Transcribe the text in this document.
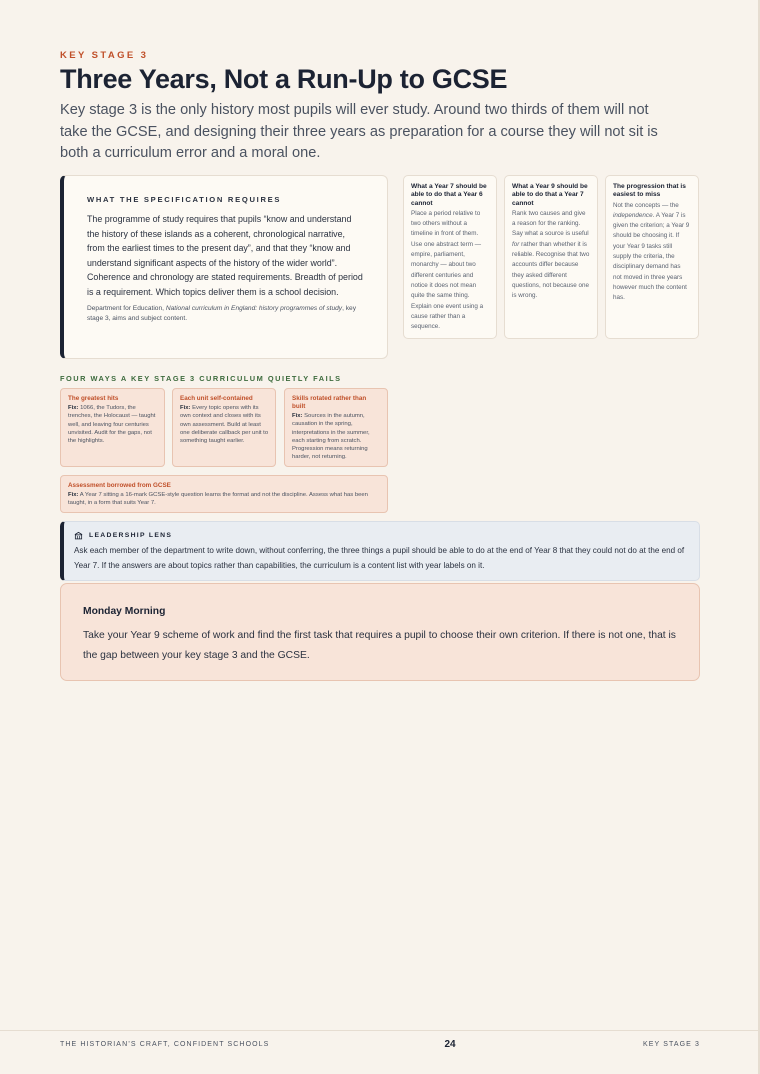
KEY STAGE 3
Three Years, Not a Run-Up to GCSE

Key stage 3 is the only history most pupils will ever study. Around two thirds of them will not take the GCSE, and designing their three years as preparation for a course they will not sit is both a curriculum error and a moral one.

WHAT THE SPECIFICATION REQUIRES

The programme of study requires that pupils “know and understand the history of these islands as a coherent, chronological narrative, from the earliest times to the present day”, and that they “know and understand significant aspects of the history of the wider world”. Coherence and chronology are stated requirements. Breadth of period is a requirement. Which topics deliver them is a school decision.

Department for Education, National curriculum in England: history programmes of study, key stage 3, aims and subject content.

What a Year 7 should be able to do that a Year 6 cannot

Place a period relative to two others without a timeline in front of them. Use one abstract term — empire, parliament, monarchy — about two different centuries and notice it does not mean quite the same thing. Explain one event using a cause rather than a sequence.

What a Year 9 should be able to do that a Year 7 cannot

Rank two causes and give a reason for the ranking. Say what a source is useful for rather than whether it is reliable. Recognise that two accounts differ because they asked different questions, not because one is wrong.

The progression that is easiest to miss

Not the concepts — the independence. A Year 7 is given the criterion; a Year 9 should be choosing it. If your Year 9 tasks still supply the criteria, the disciplinary demand has not moved in three years however much the content has.

FOUR WAYS A KEY STAGE 3 CURRICULUM QUIETLY FAILS
The greatest hits

Fix: 1066, the Tudors, the trenches, the Holocaust — taught well, and leaving four centuries unvisited. Audit for the gaps, not the highlights.

Each unit self-contained

Fix: Every topic opens with its own context and closes with its own assessment. Build at least one deliberate callback per unit to something taught earlier.

Skills rotated rather than built

Fix: Sources in the autumn, causation in the spring, interpretations in the summer, each starting from scratch. Progression means returning harder, not returning.

Assessment borrowed from GCSE

Fix: A Year 7 sitting a 16-mark GCSE-style question learns the format and not the discipline. Assess what has been taught, in a form that suits Year 7.

LEADERSHIP LENS

Ask each member of the department to write down, without conferring, the three things a pupil should be able to do at the end of Year 8 that they could not do at the end of Year 7. If the answers are about topics rather than capabilities, the curriculum is a content list with year labels on it.

Monday Morning

Take your Year 9 scheme of work and find the first task that requires a pupil to choose their own criterion. If there is not one, that is the gap between your key stage 3 and the GCSE.

THE HISTORIAN’S CRAFT, CONFIDENT SCHOOLS	24	KEY STAGE 3
